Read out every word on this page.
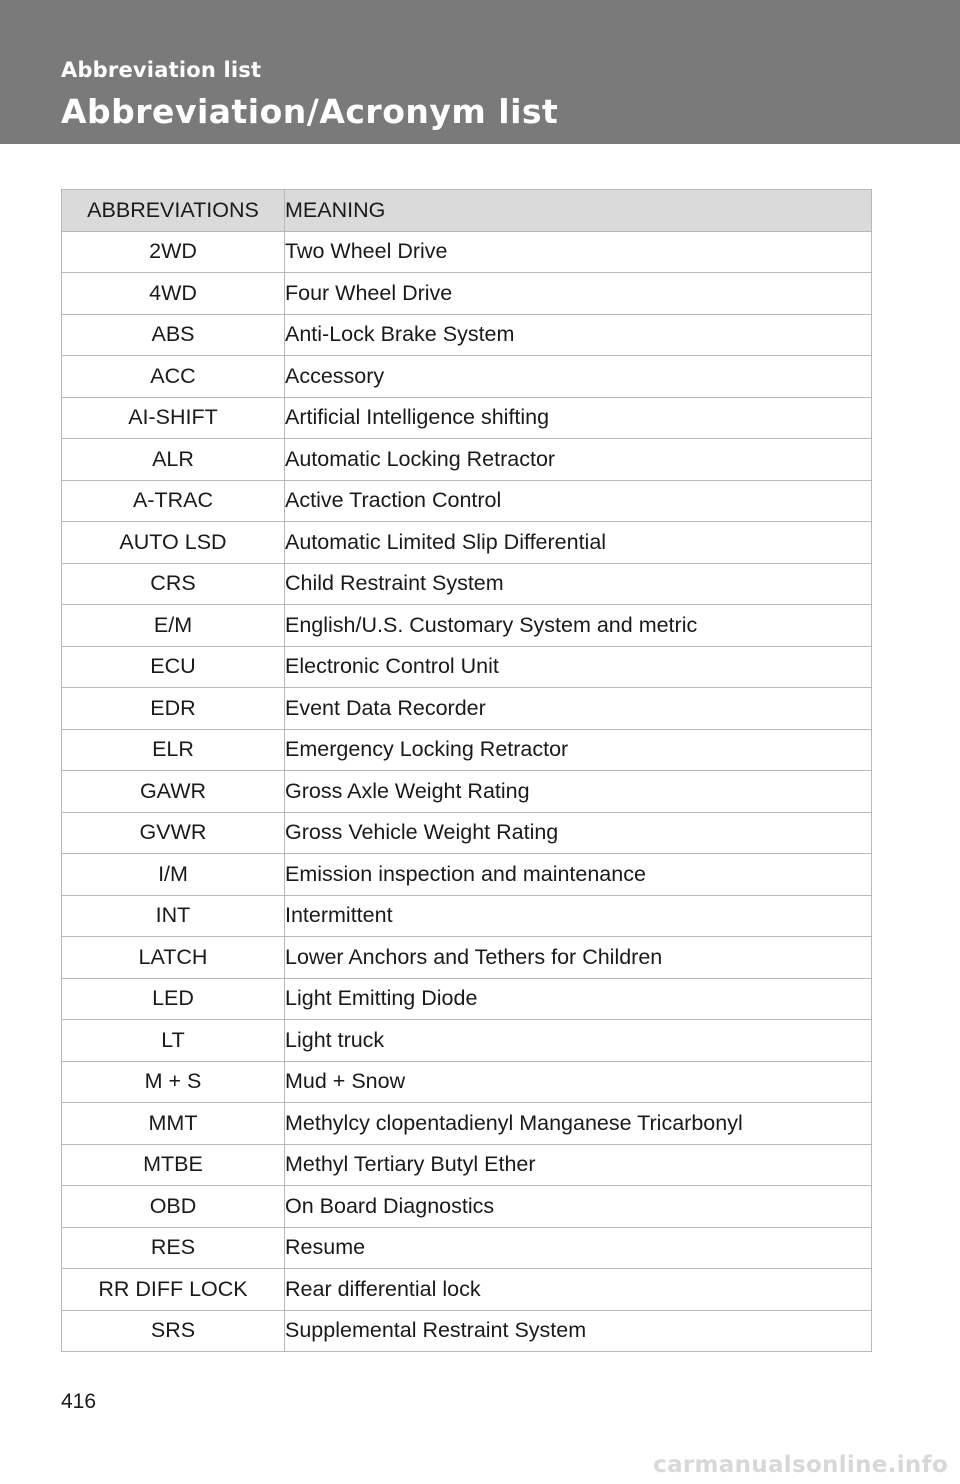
Abbreviation list
Abbreviation/Acronym list
ABBREVIATIONS	MEANING
2WD	Two Wheel Drive
4WD	Four Wheel Drive
ABS	Anti-Lock Brake System
ACC	Accessory
AI-SHIFT	Artificial Intelligence shifting
ALR	Automatic Locking Retractor
A-TRAC	Active Traction Control
AUTO LSD	Automatic Limited Slip Differential
CRS	Child Restraint System
E/M	English/U.S. Customary System and metric
ECU	Electronic Control Unit
EDR	Event Data Recorder
ELR	Emergency Locking Retractor
GAWR	Gross Axle Weight Rating
GVWR	Gross Vehicle Weight Rating
I/M	Emission inspection and maintenance
INT	Intermittent
LATCH	Lower Anchors and Tethers for Children
LED	Light Emitting Diode
LT	Light truck
M + S	Mud + Snow
MMT	Methylcy clopentadienyl Manganese Tricarbonyl
MTBE	Methyl Tertiary Butyl Ether
OBD	On Board Diagnostics
RES	Resume
RR DIFF LOCK	Rear differential lock
SRS	Supplemental Restraint System

416

carmanualsonline.info
